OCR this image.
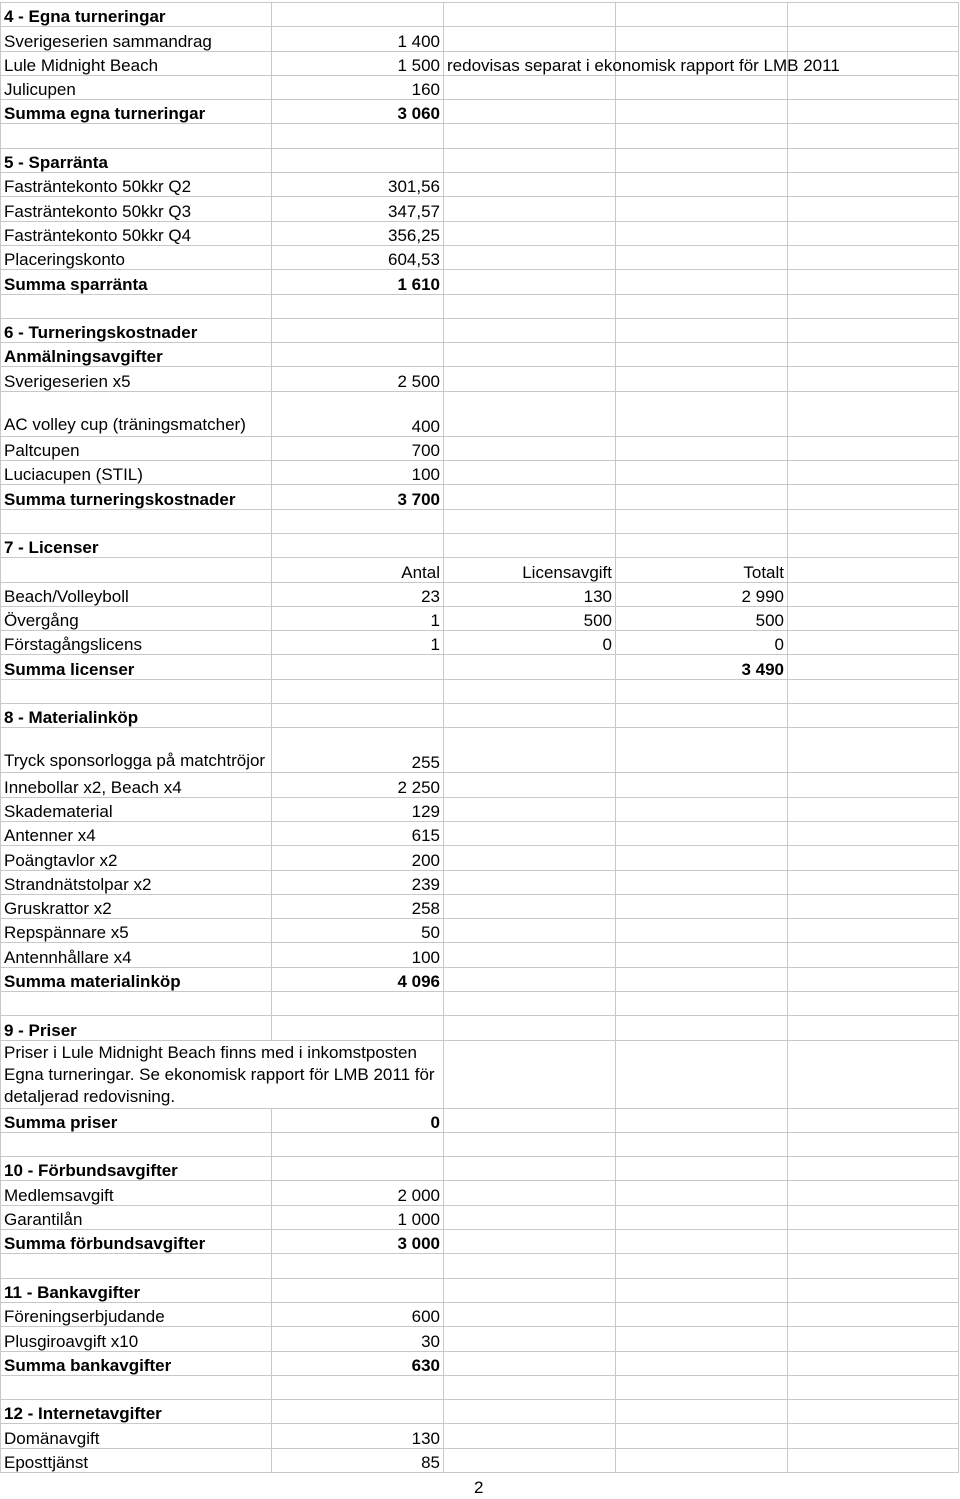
4 - Egna turneringar				
Sverigeserien sammandrag	1 400			
Lule Midnight Beach	1 500	redovisas separat i ekonomisk rapport för LMB 2011		
Julicupen	160			
Summa egna turneringar	3 060			

5 - Sparränta				
Fasträntekonto 50kkr Q2	301,56			
Fasträntekonto 50kkr Q3	347,57			
Fasträntekonto 50kkr Q4	356,25			
Placeringskonto	604,53			
Summa sparränta	1 610			

6 - Turneringskostnader				
Anmälningsavgifter				
Sverigeserien x5	2 500			
AC volley cup (träningsmatcher)	400			
Paltcupen	700			
Luciacupen (STIL)	100			
Summa turneringskostnader	3 700			

7 - Licenser				
	Antal	Licensavgift	Totalt	
Beach/Volleyboll	23	130	2 990	
Övergång	1	500	500	
Förstagångslicens	1	0	0	
Summa licenser			3 490	

8 - Materialinköp				
Tryck sponsorlogga på matchtröjor	255			
Innebollar x2, Beach x4	2 250			
Skadematerial	129			
Antenner x4	615			
Poängtavlor x2	200			
Strandnätstolpar x2	239			
Gruskrattor x2	258			
Repspännare x5	50			
Antennhållare x4	100			
Summa materialinköp	4 096			

9 - Priser				
Priser i Lule Midnight Beach finns med i inkomstposten Egna turneringar. Se ekonomisk rapport för LMB 2011 för detaljerad redovisning.				
Summa priser	0			

10 - Förbundsavgifter				
Medlemsavgift	2 000			
Garantilån	1 000			
Summa förbundsavgifter	3 000			

11 - Bankavgifter				
Föreningserbjudande	600			
Plusgiroavgift x10	30			
Summa bankavgifter	630			

12 - Internetavgifter				
Domänavgift	130			
Eposttjänst	85			
2
